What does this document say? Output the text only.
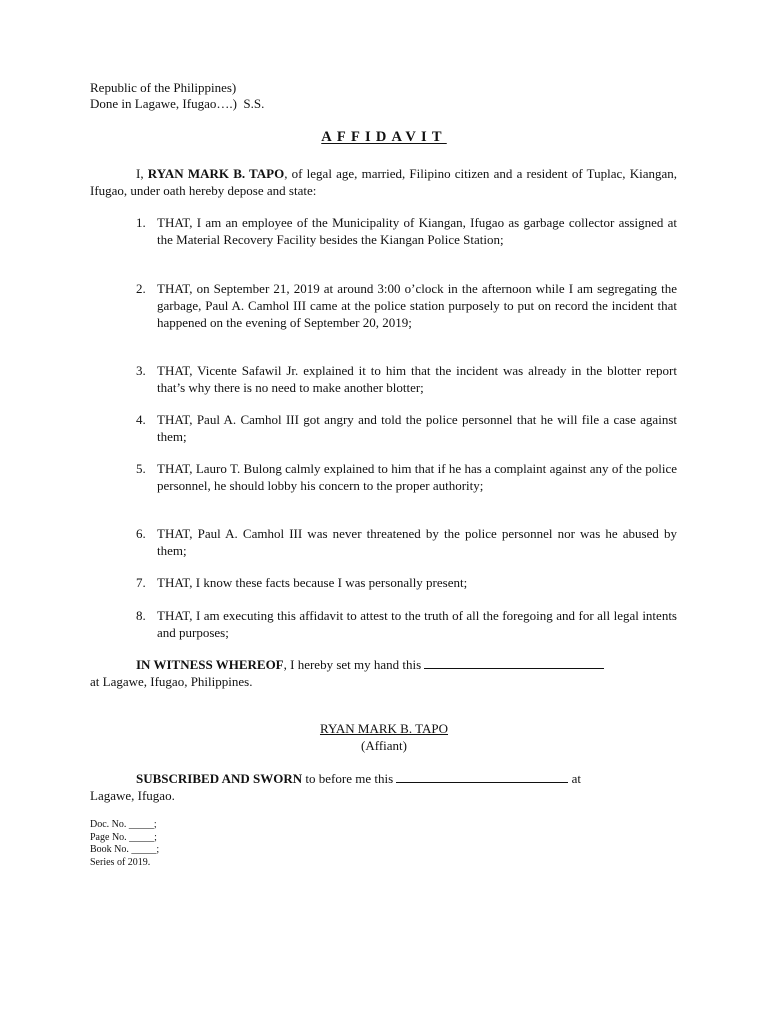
Republic of the Philippines)
Done in Lagawe, Ifugao….)  S.S.
AFFIDAVIT
I, RYAN MARK B. TAPO, of legal age, married, Filipino citizen and a resident of Tuplac, Kiangan, Ifugao, under oath hereby depose and state:
1. THAT, I am an employee of the Municipality of Kiangan, Ifugao as garbage collector assigned at the Material Recovery Facility besides the Kiangan Police Station;
2. THAT, on September 21, 2019 at around 3:00 o’clock in the afternoon while I am segregating the garbage, Paul A. Camhol III came at the police station purposely to put on record the incident that happened on the evening of September 20, 2019;
3. THAT, Vicente Safawil Jr. explained it to him that the incident was already in the blotter report that’s why there is no need to make another blotter;
4. THAT, Paul A. Camhol III got angry and told the police personnel that he will file a case against them;
5. THAT, Lauro T. Bulong calmly explained to him that if he has a complaint against any of the police personnel, he should lobby his concern to the proper authority;
6. THAT, Paul A. Camhol III was never threatened by the police personnel nor was he abused by them;
7. THAT, I know these facts because I was personally present;
8. THAT, I am executing this affidavit to attest to the truth of all the foregoing and for all legal intents and purposes;
IN WITNESS WHEREOF, I hereby set my hand this
at Lagawe, Ifugao, Philippines.
RYAN MARK B. TAPO
(Affiant)
SUBSCRIBED AND SWORN to before me this	at
Lagawe, Ifugao.
Doc. No. _____;
Page No. _____;
Book No. _____;
Series of 2019.
